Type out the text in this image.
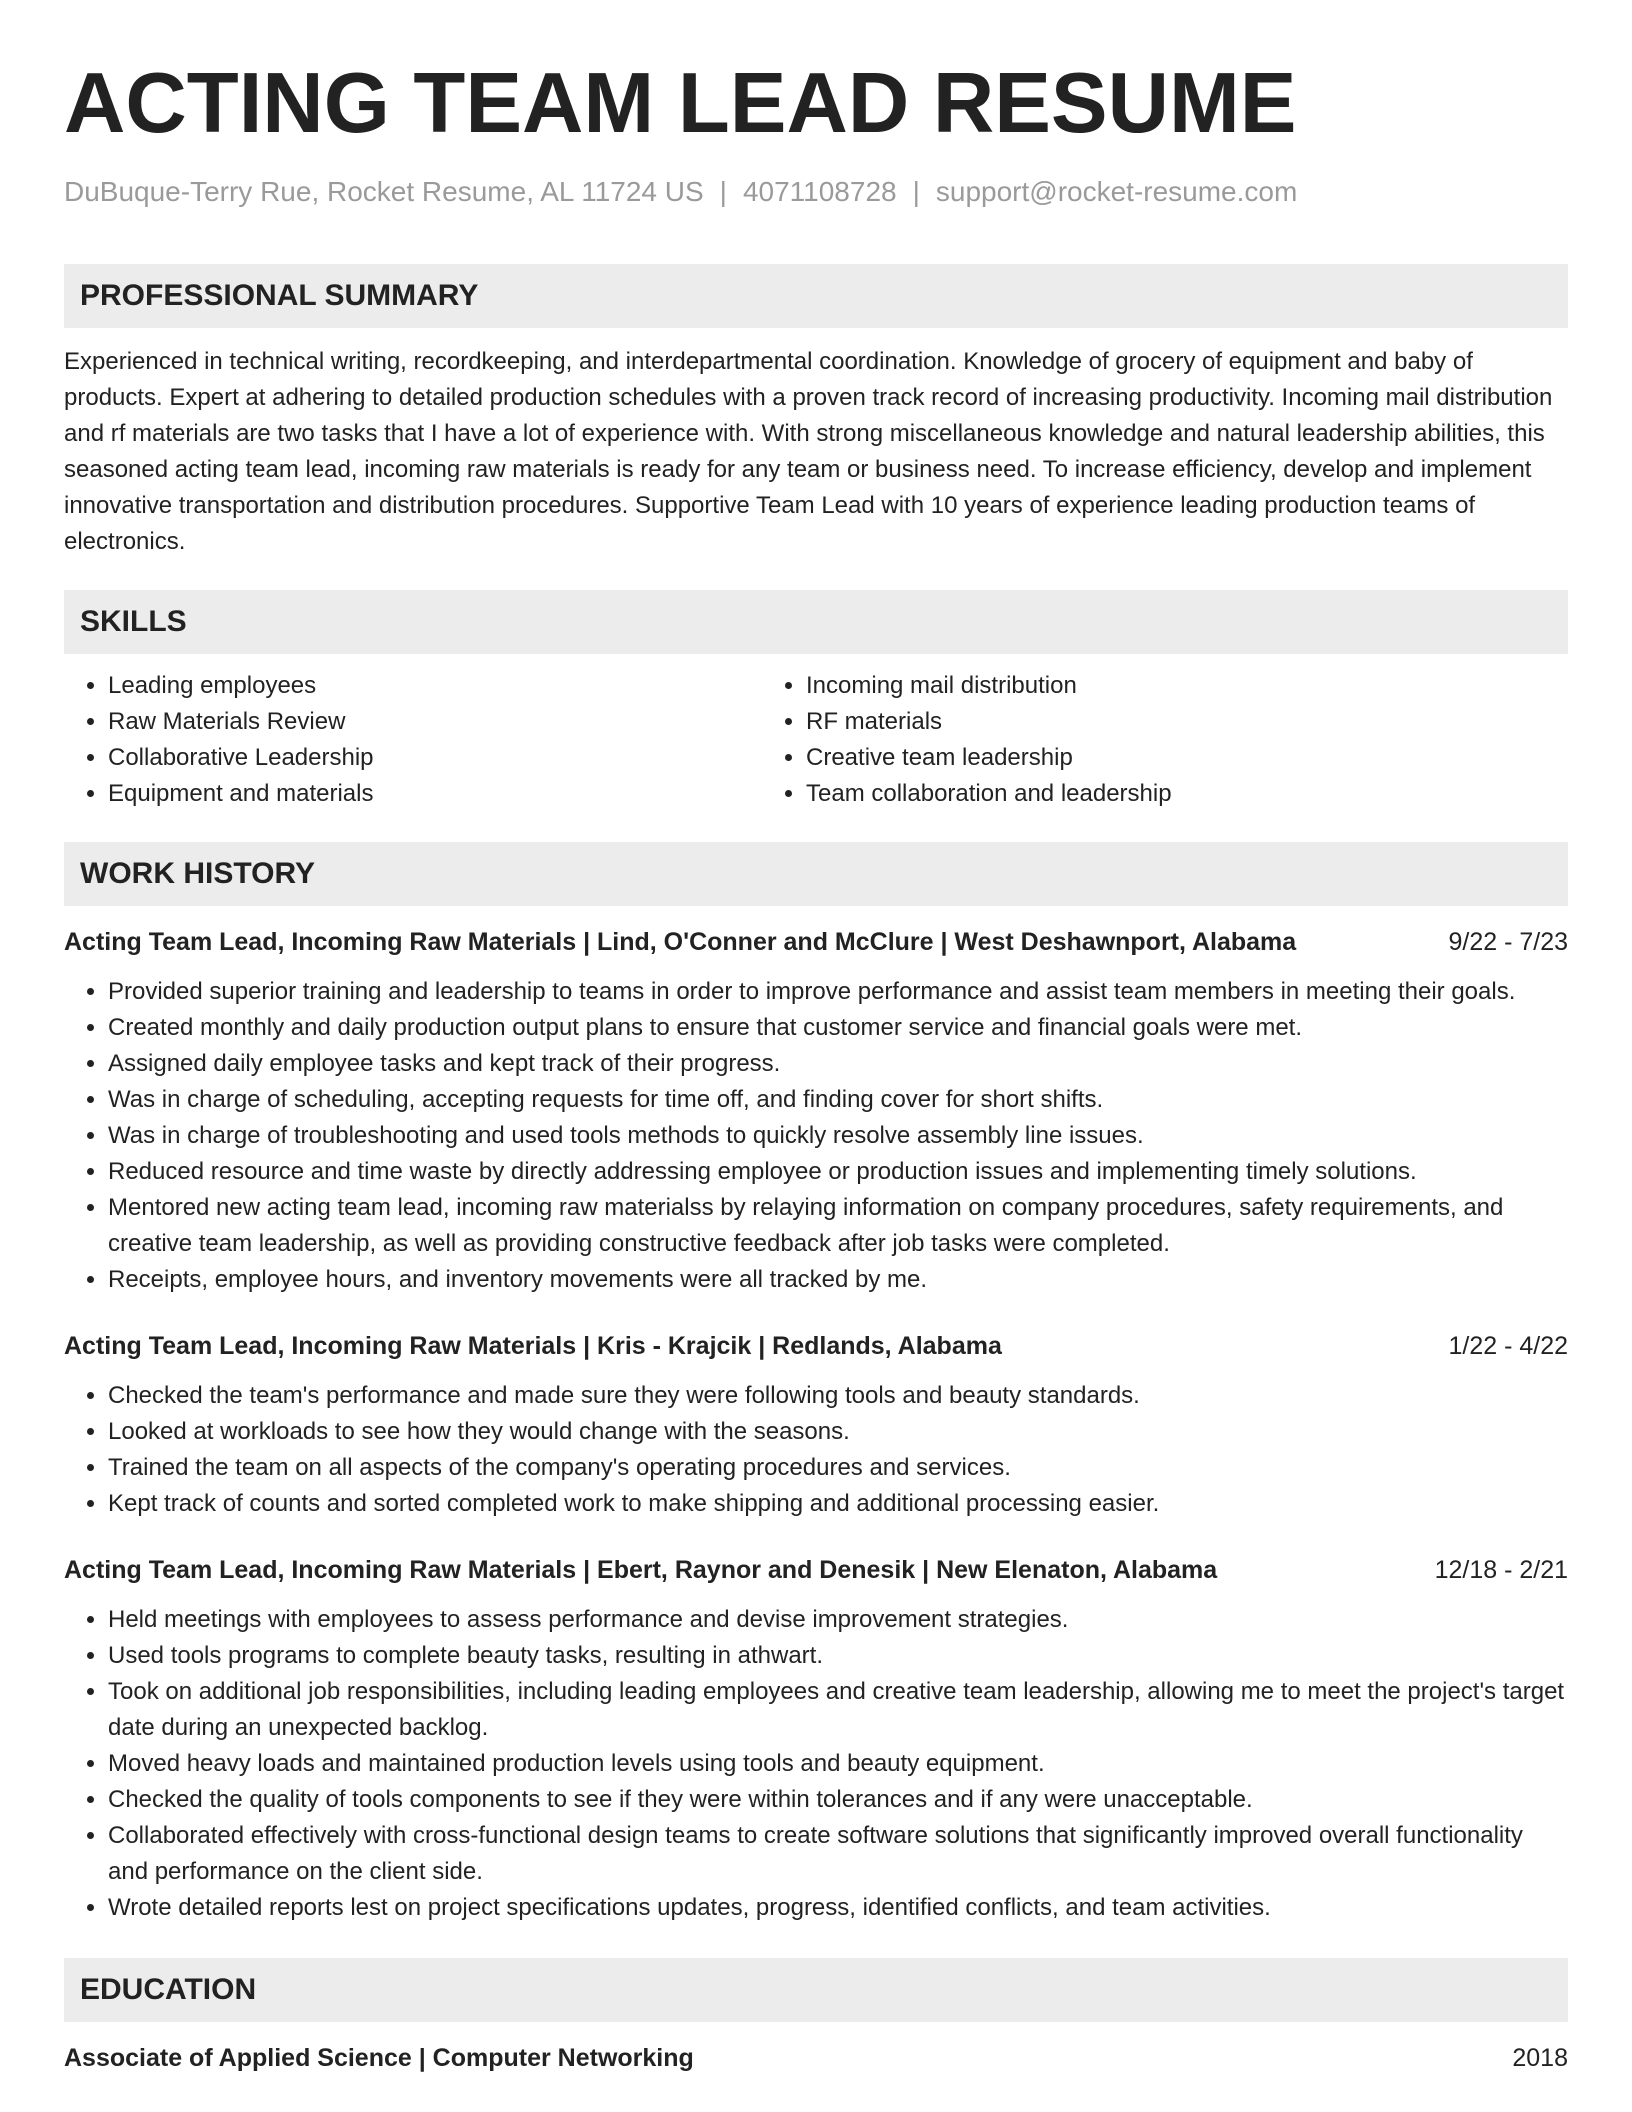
ACTING TEAM LEAD RESUME
DuBuque-Terry Rue, Rocket Resume, AL 11724 US | 4071108728 | support@rocket-resume.com
PROFESSIONAL SUMMARY

Experienced in technical writing, recordkeeping, and interdepartmental coordination. Knowledge of grocery of equipment and baby of products. Expert at adhering to detailed production schedules with a proven track record of increasing productivity. Incoming mail distribution and rf materials are two tasks that I have a lot of experience with. With strong miscellaneous knowledge and natural leadership abilities, this seasoned acting team lead, incoming raw materials is ready for any team or business need. To increase efficiency, develop and implement innovative transportation and distribution procedures. Supportive Team Lead with 10 years of experience leading production teams of electronics.

SKILLS
• Leading employees
• Raw Materials Review
• Collaborative Leadership
• Equipment and materials
• Incoming mail distribution
• RF materials
• Creative team leadership
• Team collaboration and leadership
WORK HISTORY
Acting Team Lead, Incoming Raw Materials | Lind, O'Conner and McClure | West Deshawnport, Alabama	9/22 - 7/23
• Provided superior training and leadership to teams in order to improve performance and assist team members in meeting their goals.
• Created monthly and daily production output plans to ensure that customer service and financial goals were met.
• Assigned daily employee tasks and kept track of their progress.
• Was in charge of scheduling, accepting requests for time off, and finding cover for short shifts.
• Was in charge of troubleshooting and used tools methods to quickly resolve assembly line issues.
• Reduced resource and time waste by directly addressing employee or production issues and implementing timely solutions.
• Mentored new acting team lead, incoming raw materialss by relaying information on company procedures, safety requirements, and creative team leadership, as well as providing constructive feedback after job tasks were completed.
• Receipts, employee hours, and inventory movements were all tracked by me.
Acting Team Lead, Incoming Raw Materials | Kris - Krajcik | Redlands, Alabama	1/22 - 4/22
• Checked the team's performance and made sure they were following tools and beauty standards.
• Looked at workloads to see how they would change with the seasons.
• Trained the team on all aspects of the company's operating procedures and services.
• Kept track of counts and sorted completed work to make shipping and additional processing easier.
Acting Team Lead, Incoming Raw Materials | Ebert, Raynor and Denesik | New Elenaton, Alabama	12/18 - 2/21
• Held meetings with employees to assess performance and devise improvement strategies.
• Used tools programs to complete beauty tasks, resulting in athwart.
• Took on additional job responsibilities, including leading employees and creative team leadership, allowing me to meet the project's target date during an unexpected backlog.
• Moved heavy loads and maintained production levels using tools and beauty equipment.
• Checked the quality of tools components to see if they were within tolerances and if any were unacceptable.
• Collaborated effectively with cross-functional design teams to create software solutions that significantly improved overall functionality and performance on the client side.
• Wrote detailed reports lest on project specifications updates, progress, identified conflicts, and team activities.
EDUCATION
Associate of Applied Science | Computer Networking	2018
